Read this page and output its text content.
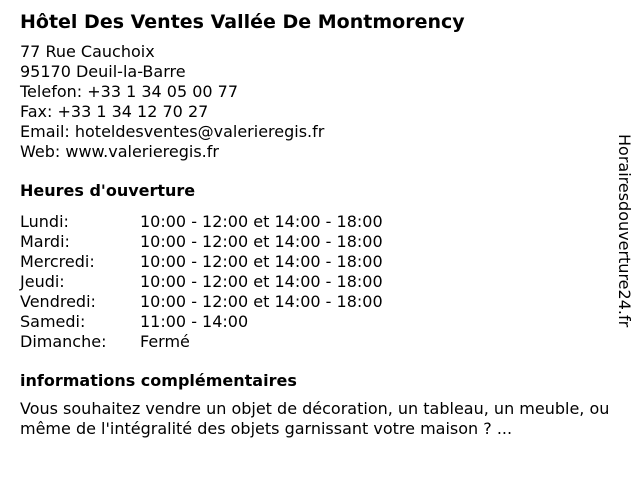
Hôtel Des Ventes Vallée De Montmorency
77 Rue Cauchoix
95170 Deuil-la-Barre
Telefon: +33 1 34 05 00 77
Fax: +33 1 34 12 70 27
Email: hoteldesventes@valerieregis.fr
Web: www.valerieregis.fr
Heures d'ouverture
Lundi:	10:00 - 12:00 et 14:00 - 18:00
Mardi:	10:00 - 12:00 et 14:00 - 18:00
Mercredi:	10:00 - 12:00 et 14:00 - 18:00
Jeudi:	10:00 - 12:00 et 14:00 - 18:00
Vendredi:	10:00 - 12:00 et 14:00 - 18:00
Samedi:	11:00 - 14:00
Dimanche:	Fermé
informations complémentaires
Vous souhaitez vendre un objet de décoration, un tableau, un meuble, ou même de l'intégralité des objets garnissant votre maison ? ...
Horairesdouverture24.fr
